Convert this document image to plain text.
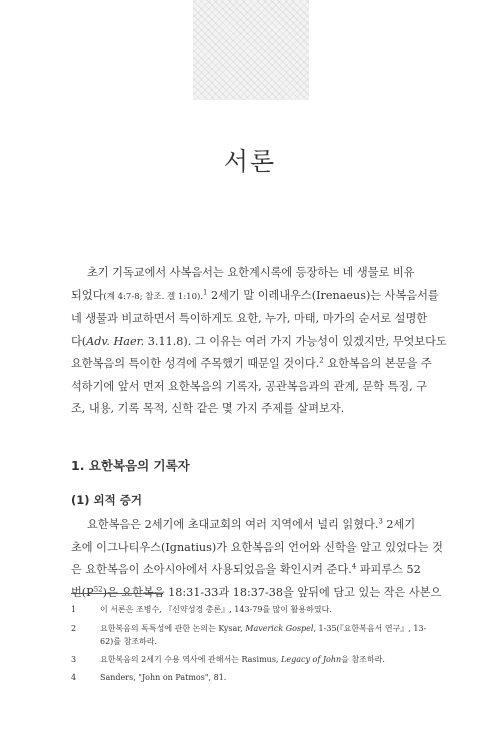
서론
초기 기독교에서 사복음서는 요한계시록에 등장하는 네 생물로 비유
되었다(계 4:7-8; 참조. 겔 1:10).$^1$ 2세기 말 이레내우스(Irenaeus)는 사복음서를
네 생물과 비교하면서 특이하게도 요한, 누가, 마태, 마가의 순서로 설명한
다(Adv. Haer. 3.11.8). 그 이유는 여러 가지 가능성이 있겠지만, 무엇보다도
요한복음의 특이한 성격에 주목했기 때문일 것이다.$^2$ 요한복음의 본문을 주
석하기에 앞서 먼저 요한복음의 기록자, 공관복음과의 관계, 문학 특징, 구
조, 내용, 기록 목적, 신학 같은 몇 가지 주제를 살펴보자.
1. 요한복음의 기록자
(1) 외적 증거
요한복음은 2세기에 초대교회의 여러 지역에서 널리 읽혔다.$^3$ 2세기
초에 이그나티우스(Ignatius)가 요한복음의 언어와 신학을 알고 있었다는 것
은 요한복음이 소아시아에서 사용되었음을 확인시켜 준다.$^4$ 파피루스 52
번$(P^{52})$은 요한복음 18:31-33과 18:37-38을 앞뒤에 담고 있는 작은 사본으
1	이 서론은 조병수, 『신약성경 총론』, 143-79를 많이 활용하였다.
2	요한복음의 독특성에 관한 논의는 Kysar, Maverick Gospel, 1-35(『요한복음서 연구』, 13-62)를 참조하라.
3	요한복음의 2세기 수용 역사에 관해서는 Rasimus, Legacy of John을 참조하라.
4	Sanders, "John on Patmos", 81.
